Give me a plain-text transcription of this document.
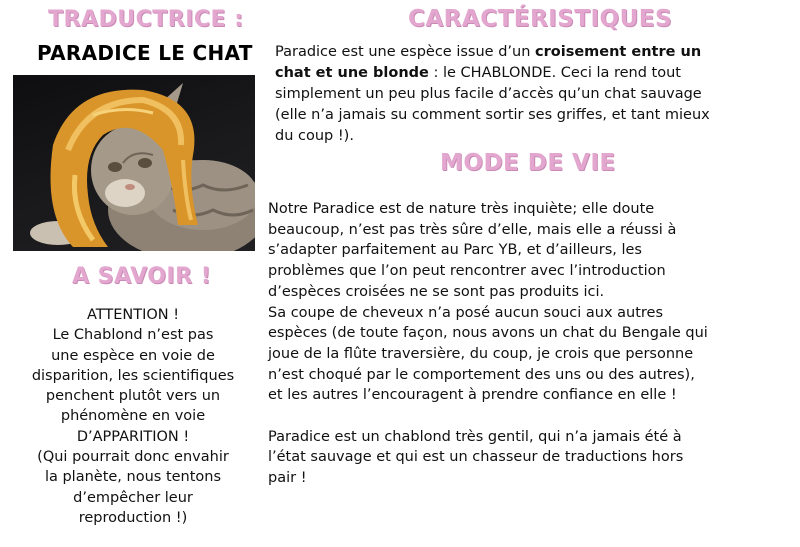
TRADUCTRICE :
PARADICE LE CHAT
A SAVOIR !
ATTENTION !
Le Chablond n’est pas
une espèce en voie de
disparition, les scientifiques
penchent plutôt vers un
phénomène en voie
D’APPARITION !
(Qui pourrait donc envahir
la planète, nous tentons
d’empêcher leur
reproduction !)
CARACTÉRISTIQUES
Paradice est une espèce issue d’un croisement entre un
chat et une blonde : le CHABLONDE. Ceci la rend tout
simplement un peu plus facile d’accès qu’un chat sauvage
(elle n’a jamais su comment sortir ses griffes, et tant mieux
du coup !).
MODE DE VIE
Notre Paradice est de nature très inquiète; elle doute
beaucoup, n’est pas très sûre d’elle, mais elle a réussi à
s’adapter parfaitement au Parc YB, et d’ailleurs, les
problèmes que l’on peut rencontrer avec l’introduction
d’espèces croisées ne se sont pas produits ici.
Sa coupe de cheveux n’a posé aucun souci aux autres
espèces (de toute façon, nous avons un chat du Bengale qui
joue de la flûte traversière, du coup, je crois que personne
n’est choqué par le comportement des uns ou des autres),
et les autres l’encouragent à prendre confiance en elle !
Paradice est un chablond très gentil, qui n’a jamais été à
l’état sauvage et qui est un chasseur de traductions hors
pair !
